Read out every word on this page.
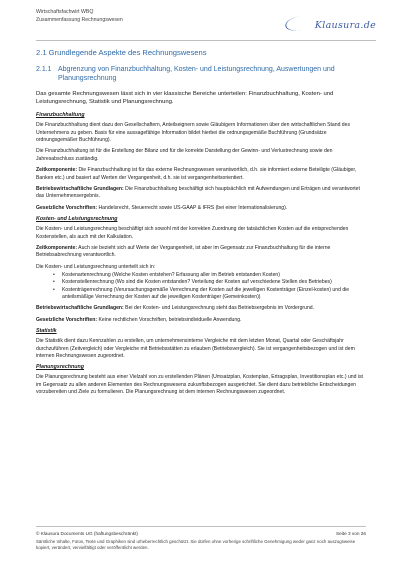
Wirtschaftsfachwirt WBQ
Zusammenfassung Rechnungswesen	Klausura.de
2.1 Grundlegende Aspekte des Rechnungswesens
2.1.1 Abgrenzung von Finanzbuchhaltung, Kosten- und Leistungsrechnung, Auswertungen und Planungsrechnung

Das gesamte Rechnungswesen lässt sich in vier klassische Bereiche unterteilen: Finanzbuchhaltung, Kosten- und Leistungsrechnung, Statistik und Planungsrechnung.

Finanzbuchhaltung

Die Finanzbuchhaltung dient dazu den Gesellschaftern, Anteilseignern sowie Gläubigern Informationen über den wirtschaftlichen Stand des Unternehmens zu geben. Basis für eine aussagefähige Information bildet hierbei die ordnungsgemäße Buchführung (Grundsätze ordnungsgemäßer Buchführung).

Die Finanzbuchhaltung ist für die Erstellung der Bilanz und für die korrekte Darstellung der Gewinn- und Verlustrechnung sowie den Jahresabschluss zuständig.

Zeitkomponente: Die Finanzbuchhaltung ist für das externe Rechnungswesen verantwortlich, d.h. sie informiert externe Beteiligte (Gläubiger, Banken etc.) und basiert auf Werten der Vergangenheit, d.h. sie ist vergangenheitsorientiert.

Betriebswirtschaftliche Grundlagen: Die Finanzbuchhaltung beschäftigt sich hauptsächlich mit Aufwendungen und Erträgen und verantwortet das Unternehmensergebnis.

Gesetzliche Vorschriften: Handelsrecht, Steuerrecht sowie US-GAAP & IFRS (bei einer Internationalisierung).

Kosten- und Leistungsrechnung

Die Kosten- und Leistungsrechnung beschäftigt sich sowohl mit der korrekten Zuordnung der tatsächlichen Kosten auf die entsprechenden Kostenstellen, als auch mit der Kalkulation.

Zeitkomponente: Auch sie bezieht sich auf Werte der Vergangenheit, ist aber im Gegensatz zur Finanzbuchhaltung für die interne Betriebsabrechnung verantwortlich.

Die Kosten- und Leistungsrechnung unterteilt sich in:

• Kostenartenrechnung (Welche Kosten entstehen? Erfassung aller im Betrieb entstanden Kosten)
• Kostenstellenrechnung (Wo sind die Kosten entstanden? Verteilung der Kosten auf verschiedene Stellen des Betriebes)
• Kostenträgerrechnung (Verursachungsgemäße Verrechnung der Kosten auf die jeweiligen Kostenträger (Einzel-kosten) und die anteilsmäßige Verrechnung der Kosten auf die jeweiligen Kostenträger (Gemeinkosten))

Betriebswirtschaftliche Grundlagen: Bei der Kosten- und Leistungsrechnung steht das Betriebsergebnis im Vordergrund.

Gesetzliche Vorschriften: Keine rechtlichen Vorschriften, betriebsindividuelle Anwendung.

Statistik

Die Statistik dient dazu Kennzahlen zu erstellen, um unternehmensinterne Vergleiche mit dem letzten Monat, Quartal oder Geschäftsjahr durchzuführen (Zeitvergleich) oder Vergleiche mit Betriebsstätten zu erlauben (Betriebsvergleich). Sie ist vergangenheitsbezogen und ist dem internen Rechnungswesen zugeordnet.

Planungsrechnung

Die Planungsrechnung besteht aus einer Vielzahl von zu erstellenden Plänen (Umsatzplan, Kostenplan, Ertragsplan, Investitionsplan etc.) und ist im Gegensatz zu allen anderen Elementen des Rechnungswesens zukunftsbezogen ausgerichtet. Sie dient dazu betriebliche Entscheidungen vorzubereiten und Ziele zu formulieren. Die Planungsrechnung ist dem internen Rechnungswesen zugeordnet.

© Klausura Documents UG (haftungsbeschränkt)	Seite 3 von 26
Sämtliche Inhalte, Fotos, Texte und Graphiken sind urheberrechtlich geschützt. Sie dürfen ohne vorherige schriftliche Genehmigung weder ganz noch auszugsweise kopiert, verändert, vervielfältigt oder veröffentlicht werden.
